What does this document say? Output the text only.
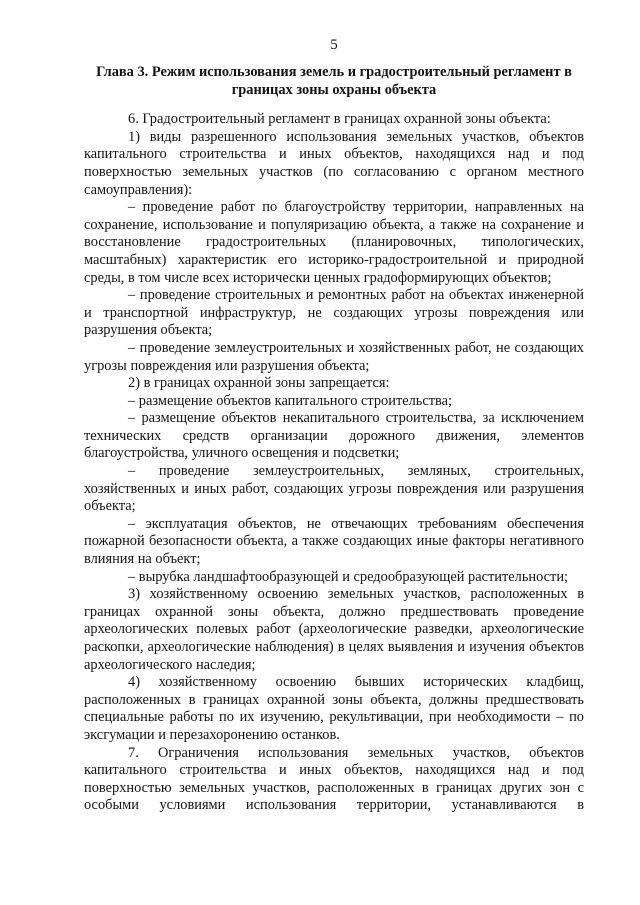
5
Глава 3. Режим использования земель и градостроительный регламент в
границах зоны охраны объекта

6. Градостроительный регламент в границах охранной зоны объекта:

1) виды разрешенного использования земельных участков, объектов капитального строительства и иных объектов, находящихся над и под поверхностью земельных участков (по согласованию с органом местного самоуправления):

– проведение работ по благоустройству территории, направленных на сохранение, использование и популяризацию объекта, а также на сохранение и восстановление градостроительных (планировочных, типологических, масштабных) характеристик его историко-градостроительной и природной среды, в том числе всех исторически ценных градоформирующих объектов;

– проведение строительных и ремонтных работ на объектах инженерной и транспортной инфраструктур, не создающих угрозы повреждения или разрушения объекта;

– проведение землеустроительных и хозяйственных работ, не создающих угрозы повреждения или разрушения объекта;

2) в границах охранной зоны запрещается:

– размещение объектов капитального строительства;

– размещение объектов некапитального строительства, за исключением технических средств организации дорожного движения, элементов благоустройства, уличного освещения и подсветки;

– проведение землеустроительных, земляных, строительных, хозяйственных и иных работ, создающих угрозы повреждения или разрушения объекта;

– эксплуатация объектов, не отвечающих требованиям обеспечения пожарной безопасности объекта, а также создающих иные факторы негативного влияния на объект;

– вырубка ландшафтообразующей и средообразующей растительности;

3) хозяйственному освоению земельных участков, расположенных в границах охранной зоны объекта, должно предшествовать проведение археологических полевых работ (археологические разведки, археологические раскопки, археологические наблюдения) в целях выявления и изучения объектов археологического наследия;

4) хозяйственному освоению бывших исторических кладбищ, расположенных в границах охранной зоны объекта, должны предшествовать специальные работы по их изучению, рекультивации, при необходимости – по эксгумации и перезахоронению останков.

7. Ограничения использования земельных участков, объектов капитального строительства и иных объектов, находящихся над и под поверхностью земельных участков, расположенных в границах других зон с особыми условиями использования территории, устанавливаются в
